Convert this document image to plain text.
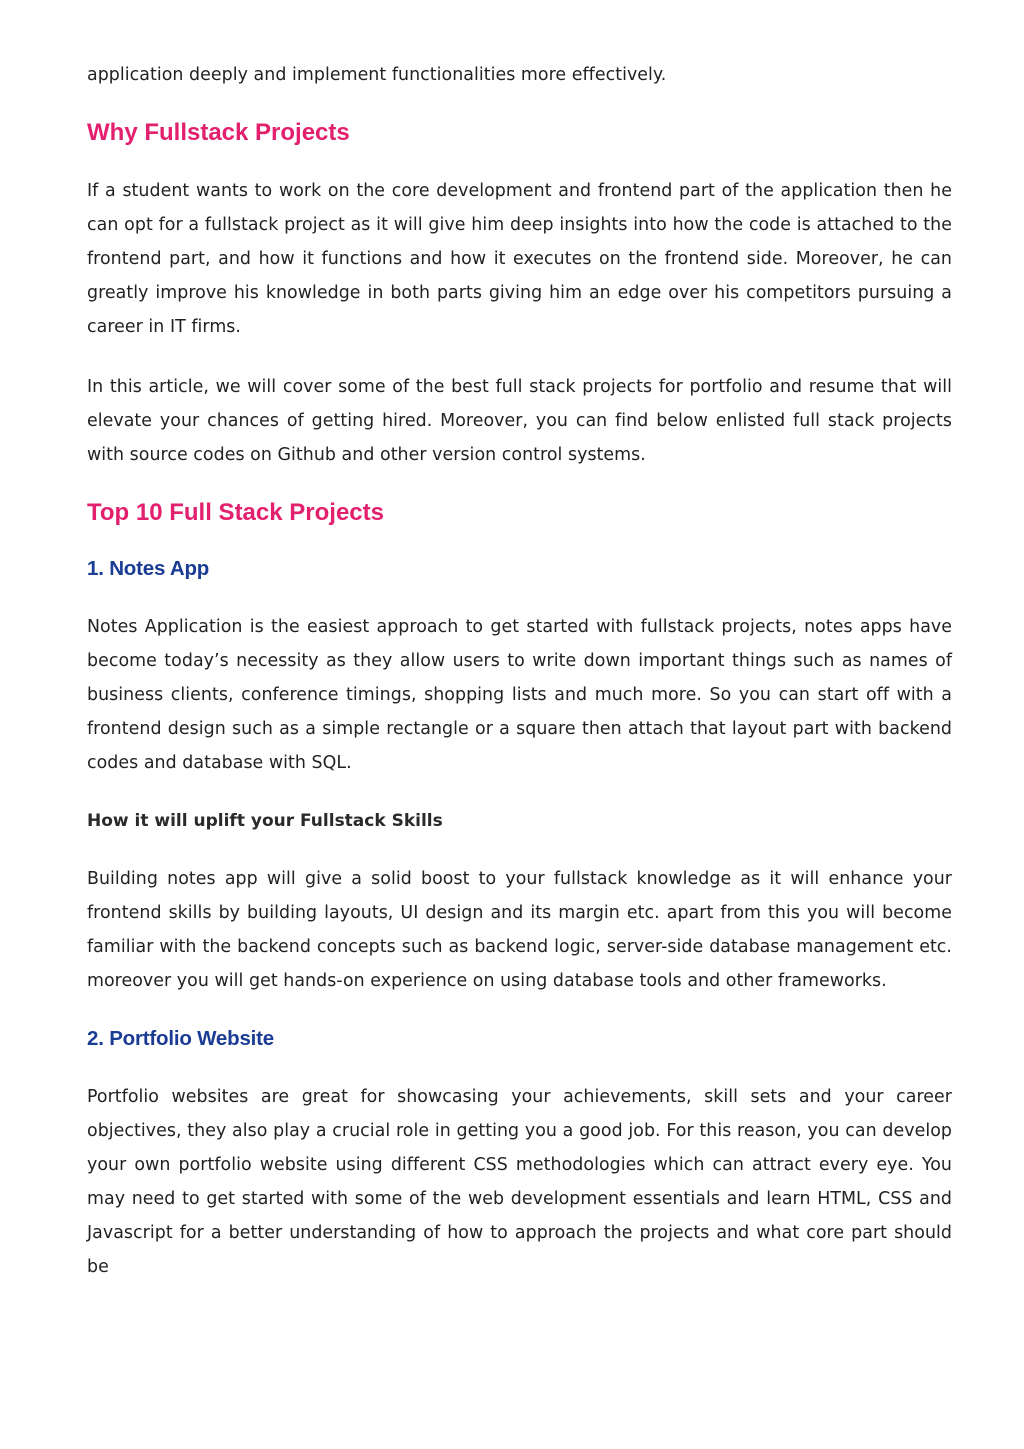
application deeply and implement functionalities more effectively.

Why Fullstack Projects

If a student wants to work on the core development and frontend part of the application then he can opt for a fullstack project as it will give him deep insights into how the code is attached to the frontend part, and how it functions and how it executes on the frontend side. Moreover, he can greatly improve his knowledge in both parts giving him an edge over his competitors pursuing a career in IT firms.

In this article, we will cover some of the best full stack projects for portfolio and resume that will elevate your chances of getting hired. Moreover, you can find below enlisted full stack projects with source codes on Github and other version control systems.

Top 10 Full Stack Projects
1. Notes App

Notes Application is the easiest approach to get started with fullstack projects, notes apps have become today’s necessity as they allow users to write down important things such as names of business clients, conference timings, shopping lists and much more. So you can start off with a frontend design such as a simple rectangle or a square then attach that layout part with backend codes and database with SQL.

How it will uplift your Fullstack Skills

Building notes app will give a solid boost to your fullstack knowledge as it will enhance your frontend skills by building layouts, UI design and its margin etc. apart from this you will become familiar with the backend concepts such as backend logic, server-side database management etc. moreover you will get hands-on experience on using database tools and other frameworks.

2. Portfolio Website

Portfolio websites are great for showcasing your achievements, skill sets and your career objectives, they also play a crucial role in getting you a good job. For this reason, you can develop your own portfolio website using different CSS methodologies which can attract every eye. You may need to get started with some of the web development essentials and learn HTML, CSS and Javascript for a better understanding of how to approach the projects and what core part should be
